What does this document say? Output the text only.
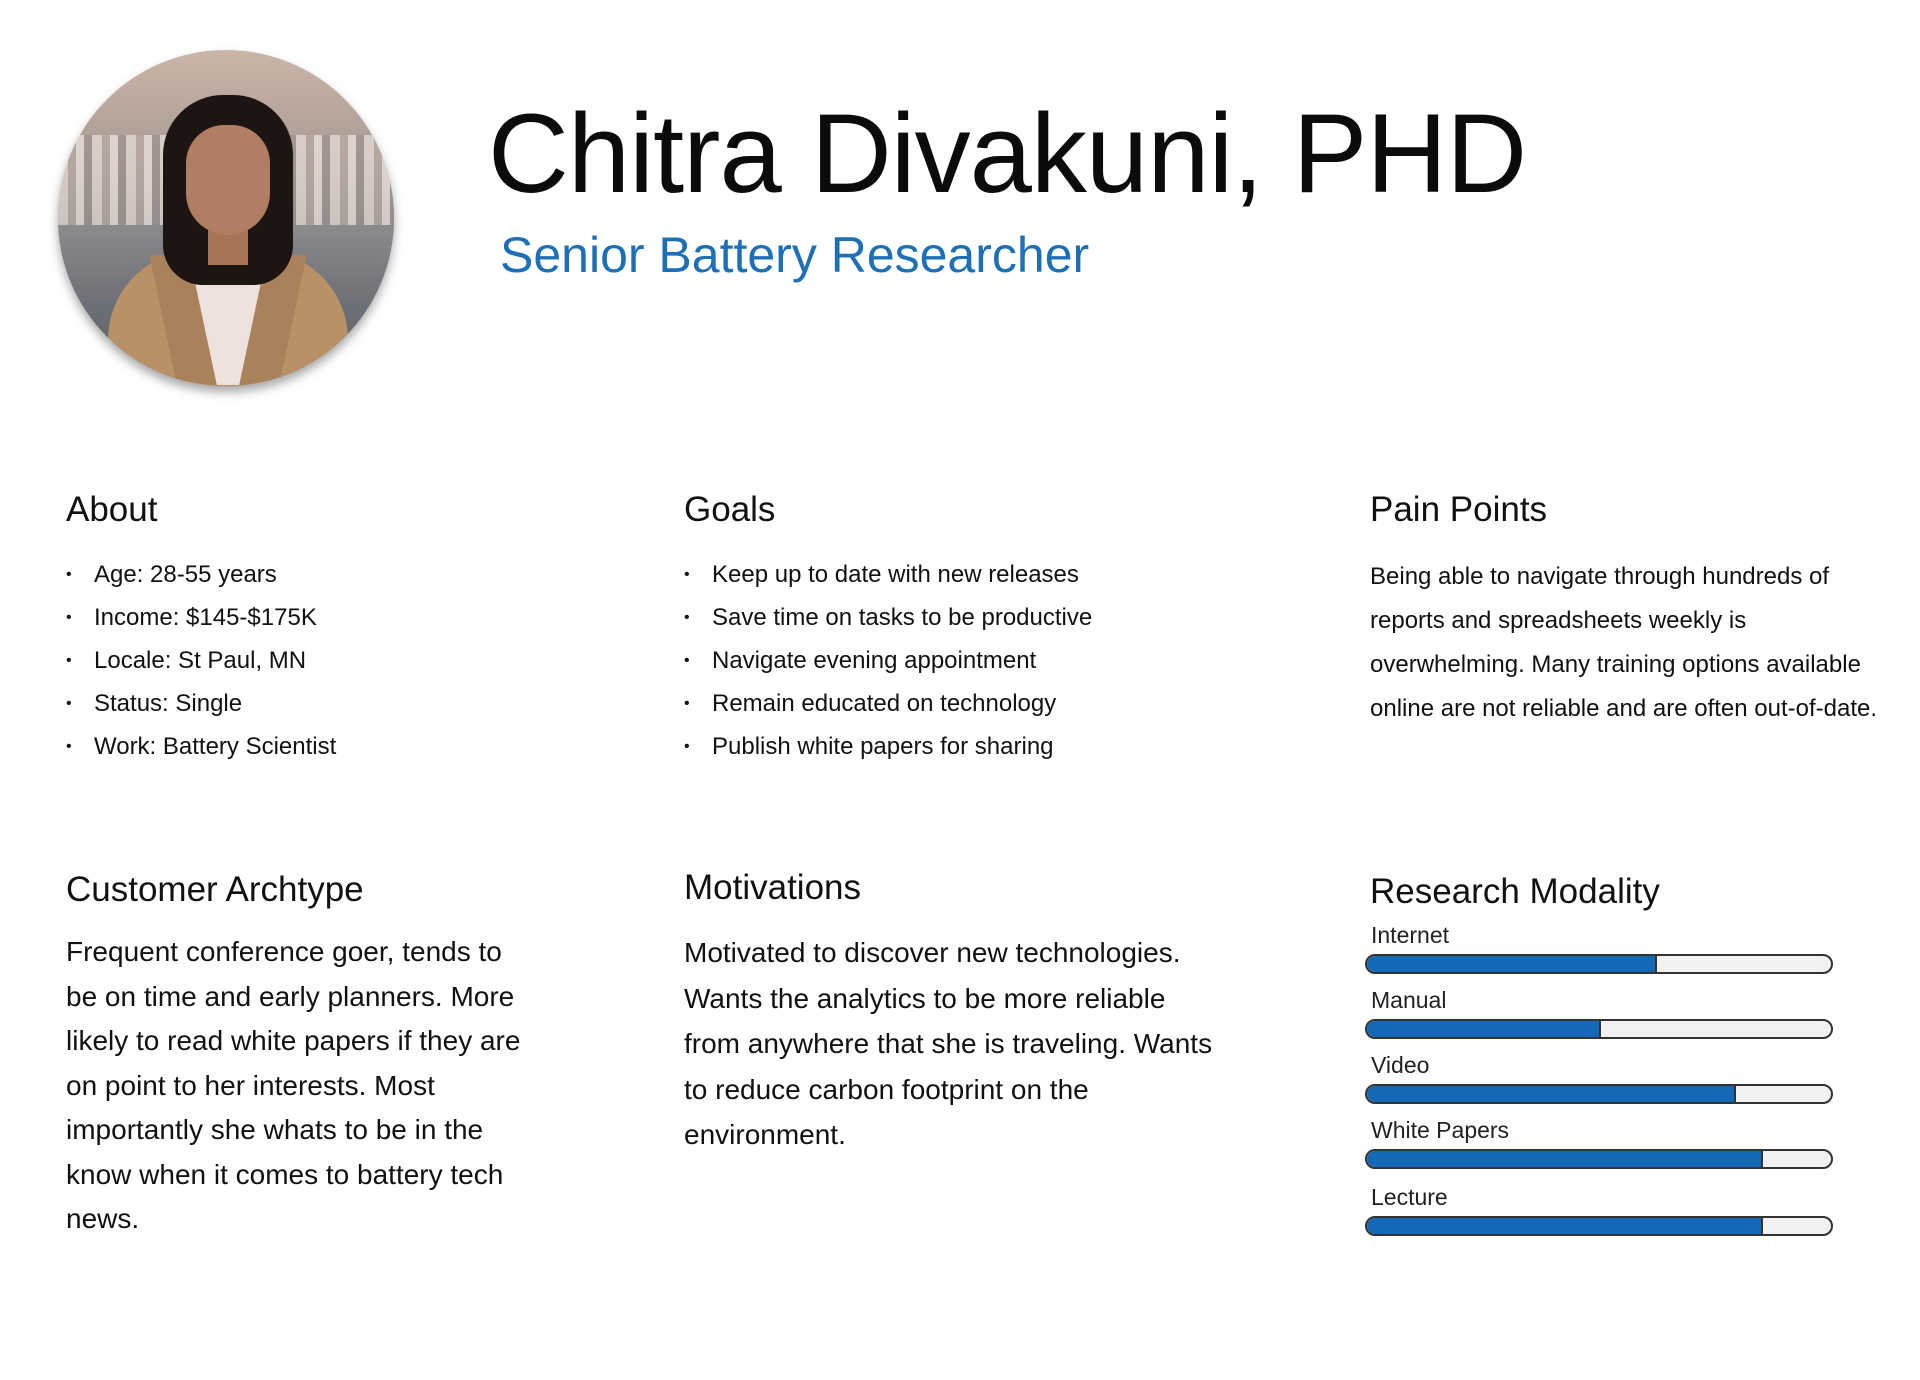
Chitra Divakuni, PHD
Senior Battery Researcher
About
• Age: 28-55 years
• Income: $145-$175K
• Locale: St Paul, MN
• Status: Single
• Work: Battery Scientist
Goals
• Keep up to date with new releases
• Save time on tasks to be productive
• Navigate evening appointment
• Remain educated on technology
• Publish white papers for sharing
Pain Points

Being able to navigate through hundreds of reports and spreadsheets weekly is overwhelming. Many training options available online are not reliable and are often out-of-date.

Customer Archtype

Frequent conference goer, tends to be on time and early planners. More likely to read white papers if they are on point to her interests. Most importantly she whats to be in the know when it comes to battery tech news.

Motivations

Motivated to discover new technologies. Wants the analytics to be more reliable from anywhere that she is traveling. Wants to reduce carbon footprint on the environment.

Research Modality
Internet
Manual
Video
White Papers
Lecture
